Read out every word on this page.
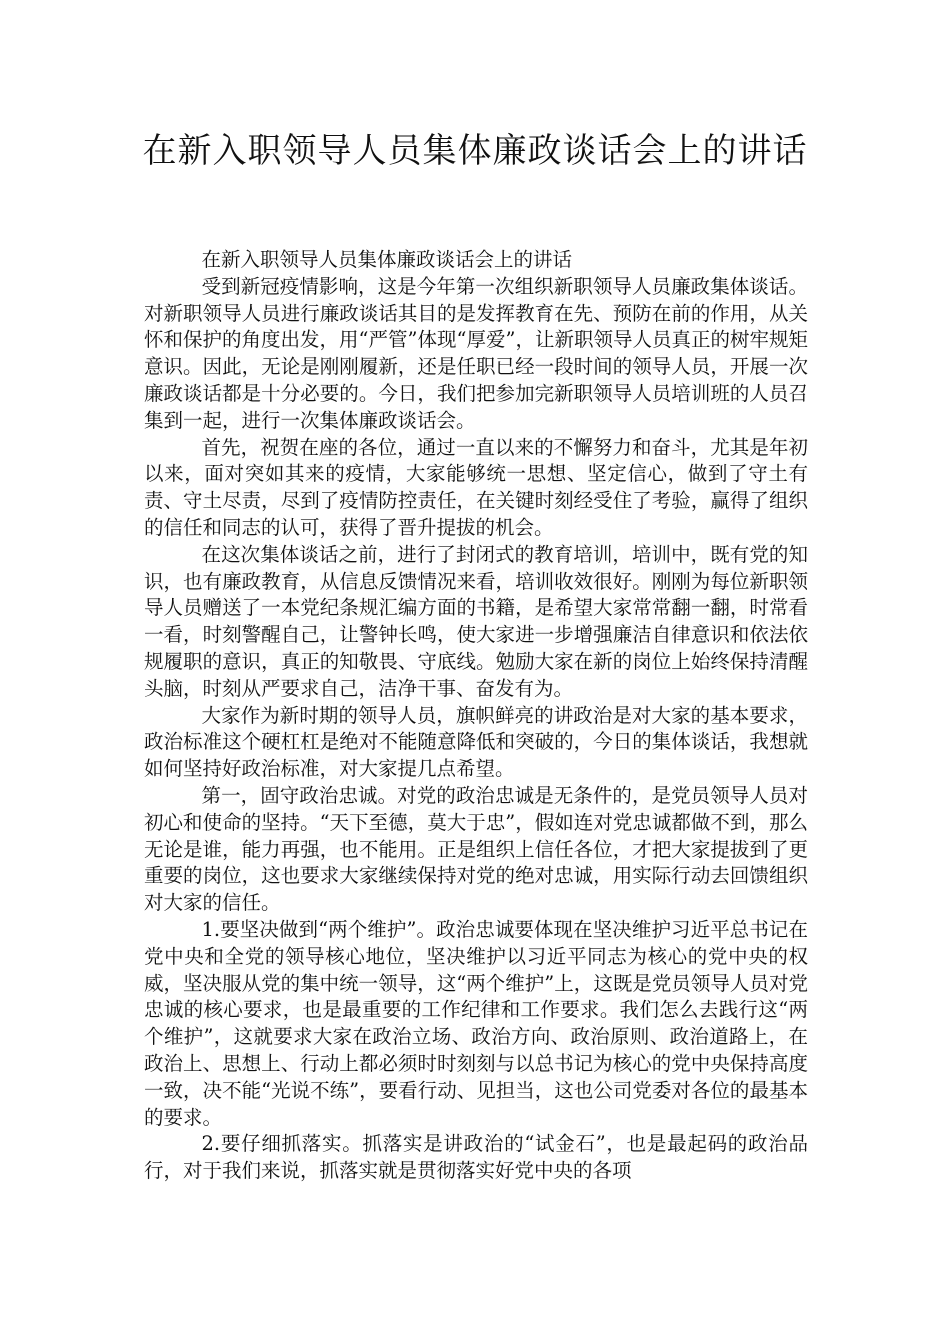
在新入职领导人员集体廉政谈话会上的讲话

在新入职领导人员集体廉政谈话会上的讲话

受到新冠疫情影响，这是今年第一次组织新职领导人员廉政集体谈话。对新职领导人员进行廉政谈话其目的是发挥教育在先、预防在前的作用，从关怀和保护的角度出发，用“严管”体现“厚爱”，让新职领导人员真正的树牢规矩意识。因此，无论是刚刚履新，还是任职已经一段时间的领导人员，开展一次廉政谈话都是十分必要的。今日，我们把参加完新职领导人员培训班的人员召集到一起，进行一次集体廉政谈话会。

首先，祝贺在座的各位，通过一直以来的不懈努力和奋斗，尤其是年初以来，面对突如其来的疫情，大家能够统一思想、坚定信心，做到了守土有责、守土尽责，尽到了疫情防控责任，在关键时刻经受住了考验，赢得了组织的信任和同志的认可，获得了晋升提拔的机会。

在这次集体谈话之前，进行了封闭式的教育培训，培训中，既有党的知识，也有廉政教育，从信息反馈情况来看，培训收效很好。刚刚为每位新职领导人员赠送了一本党纪条规汇编方面的书籍，是希望大家常常翻一翻，时常看一看，时刻警醒自己，让警钟长鸣，使大家进一步增强廉洁自律意识和依法依规履职的意识，真正的知敬畏、守底线。勉励大家在新的岗位上始终保持清醒头脑，时刻从严要求自己，洁净干事、奋发有为。

大家作为新时期的领导人员，旗帜鲜亮的讲政治是对大家的基本要求，政治标准这个硬杠杠是绝对不能随意降低和突破的，今日的集体谈话，我想就如何坚持好政治标准，对大家提几点希望。

第一，固守政治忠诚。对党的政治忠诚是无条件的，是党员领导人员对初心和使命的坚持。“天下至德，莫大于忠”，假如连对党忠诚都做不到，那么无论是谁，能力再强，也不能用。正是组织上信任各位，才把大家提拔到了更重要的岗位，这也要求大家继续保持对党的绝对忠诚，用实际行动去回馈组织对大家的信任。

1.要坚决做到“两个维护”。政治忠诚要体现在坚决维护习近平总书记在党中央和全党的领导核心地位，坚决维护以习近平同志为核心的党中央的权威，坚决服从党的集中统一领导，这“两个维护”上，这既是党员领导人员对党忠诚的核心要求，也是最重要的工作纪律和工作要求。我们怎么去践行这“两个维护”，这就要求大家在政治立场、政治方向、政治原则、政治道路上，在政治上、思想上、行动上都必须时时刻刻与以总书记为核心的党中央保持高度一致，决不能“光说不练”，要看行动、见担当，这也公司党委对各位的最基本的要求。

2.要仔细抓落实。抓落实是讲政治的“试金石”，也是最起码的政治品行，对于我们来说，抓落实就是贯彻落实好党中央的各项
